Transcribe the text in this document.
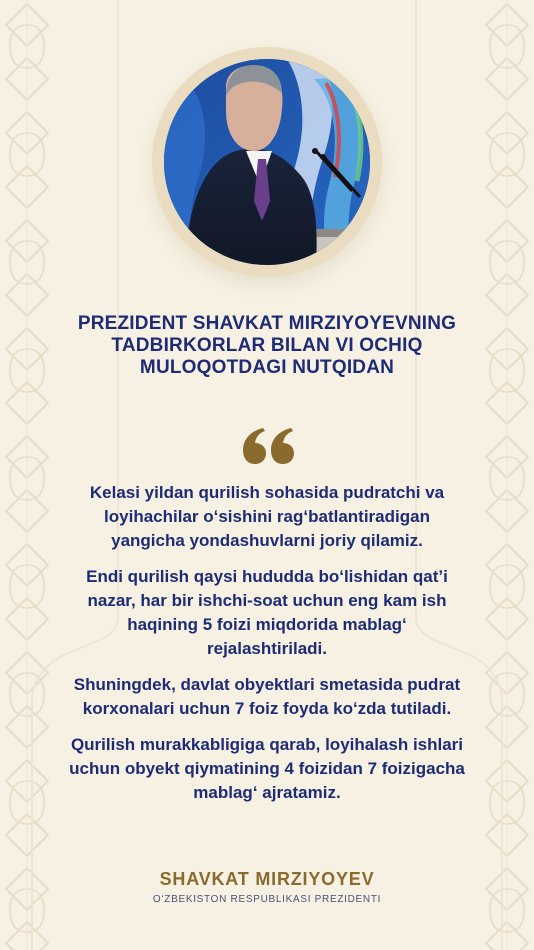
PREZIDENT SHAVKAT MIRZIYOYEVNING TADBIRKORLAR BILAN VI OCHIQ MULOQOTDAGI NUTQIDAN

Kelasi yildan qurilish sohasida pudratchi va loyihachilar oʻsishini ragʻbatlantiradigan yangicha yondashuvlarni joriy qilamiz.

Endi qurilish qaysi hududda boʻlishidan qatʼi nazar, har bir ishchi-soat uchun eng kam ish haqining 5 foizi miqdorida mablagʻ rejalashtiriladi.

Shuningdek, davlat obyektlari smetasida pudrat korxonalari uchun 7 foiz foyda koʻzda tutiladi.

Qurilish murakkabligiga qarab, loyihalash ishlari uchun obyekt qiymatining 4 foizidan 7 foizigacha mablagʻ ajratamiz.

SHAVKAT MIRZIYOYEV
OʻZBEKISTON RESPUBLIKASI PREZIDENTI
